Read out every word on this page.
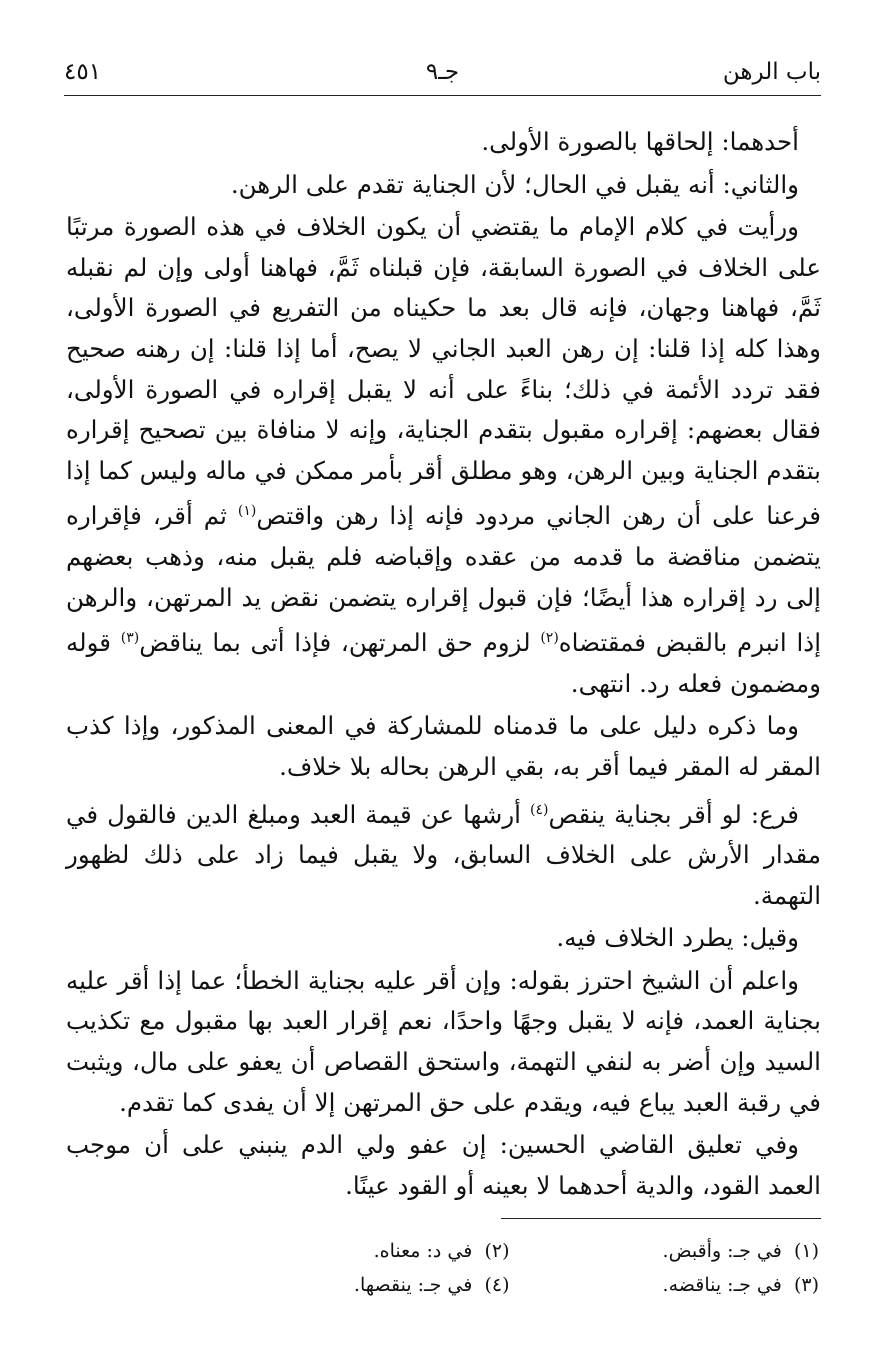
باب الرهن
جـ٩
٤٥١

أحدهما: إلحاقها بالصورة الأولى.

والثاني: أنه يقبل في الحال؛ لأن الجناية تقدم على الرهن.

ورأيت في كلام الإمام ما يقتضي أن يكون الخلاف في هذه الصورة مرتبًا على الخلاف في الصورة السابقة، فإن قبلناه ثَمَّ، فهاهنا أولى وإن لم نقبله ثَمَّ، فهاهنا وجهان، فإنه قال بعد ما حكيناه من التفريع في الصورة الأولى، وهذا كله إذا قلنا: إن رهن العبد الجاني لا يصح، أما إذا قلنا: إن رهنه صحيح فقد تردد الأئمة في ذلك؛ بناءً على أنه لا يقبل إقراره في الصورة الأولى، فقال بعضهم: إقراره مقبول بتقدم الجناية، وإنه لا منافاة بين تصحيح إقراره بتقدم الجناية وبين الرهن، وهو مطلق أقر بأمر ممكن في ماله وليس كما إذا فرعنا على أن رهن الجاني مردود فإنه إذا رهن واقتص$^{(١)}$ ثم أقر، فإقراره يتضمن مناقضة ما قدمه من عقده وإقباضه فلم يقبل منه، وذهب بعضهم إلى رد إقراره هذا أيضًا؛ فإن قبول إقراره يتضمن نقض يد المرتهن، والرهن إذا انبرم بالقبض فمقتضاه$^{(٢)}$ لزوم حق المرتهن، فإذا أتى بما يناقض$^{(٣)}$ قوله ومضمون فعله رد. انتهى.

وما ذكره دليل على ما قدمناه للمشاركة في المعنى المذكور، وإذا كذب المقر له المقر فيما أقر به، بقي الرهن بحاله بلا خلاف.

فرع: لو أقر بجناية ينقص$^{(٤)}$ أرشها عن قيمة العبد ومبلغ الدين فالقول في مقدار الأرش على الخلاف السابق، ولا يقبل فيما زاد على ذلك لظهور التهمة.

وقيل: يطرد الخلاف فيه.

واعلم أن الشيخ احترز بقوله: وإن أقر عليه بجناية الخطأ؛ عما إذا أقر عليه بجناية العمد، فإنه لا يقبل وجهًا واحدًا، نعم إقرار العبد بها مقبول مع تكذيب السيد وإن أضر به لنفي التهمة، واستحق القصاص أن يعفو على مال، ويثبت في رقبة العبد يباع فيه، ويقدم على حق المرتهن إلا أن يفدى كما تقدم.

وفي تعليق القاضي الحسين: إن عفو ولي الدم ينبني على أن موجب العمد القود، والدية أحدهما لا بعينه أو القود عينًا.

(١)  في جـ: وأقبض.
(٢)  في د: معناه.
(٣)  في جـ: يناقضه.
(٤)  في جـ: ينقصها.
